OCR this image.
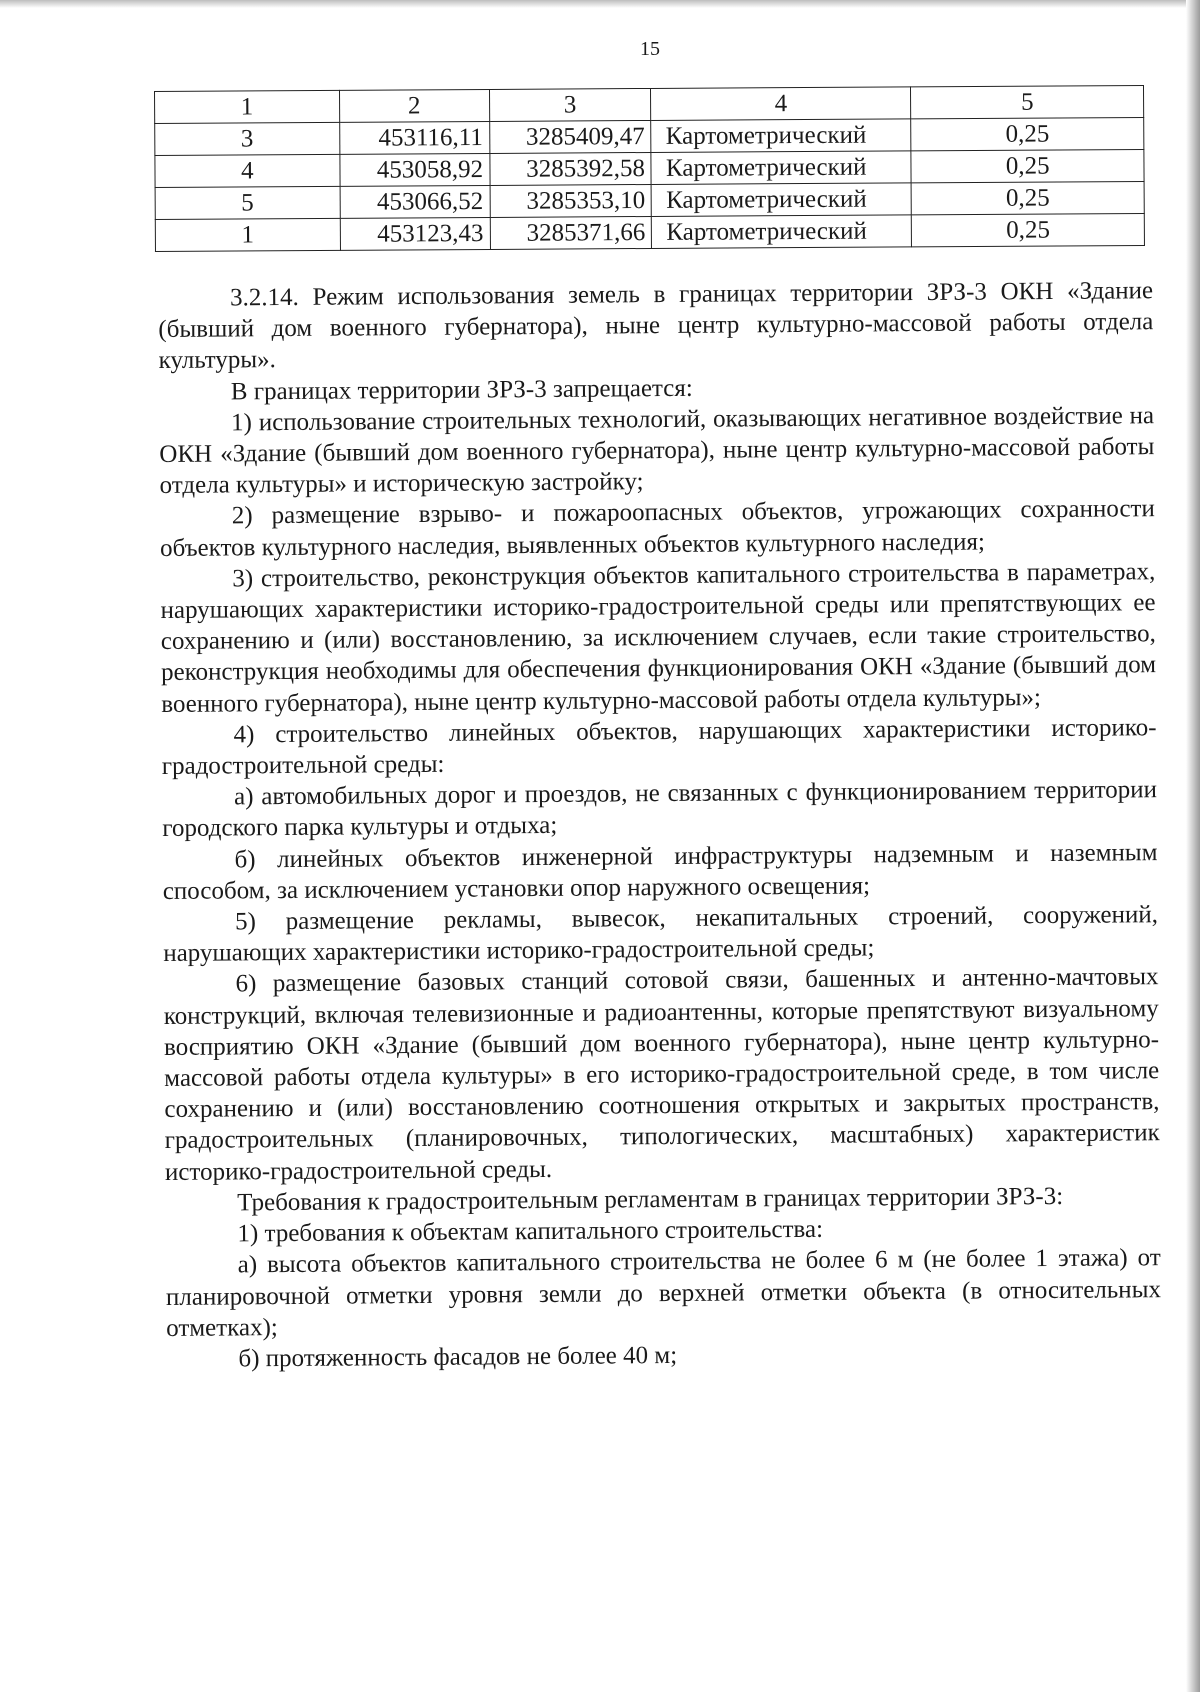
15
1	2	3	4	5
3	453116,11	3285409,47	Картометрический	0,25
4	453058,92	3285392,58	Картометрический	0,25
5	453066,52	3285353,10	Картометрический	0,25
1	453123,43	3285371,66	Картометрический	0,25

3.2.14. Режим использования земель в границах территории ЗРЗ-3 ОКН «Здание (бывший дом военного губернатора), ныне центр культурно-массовой работы отдела культуры».

В границах территории ЗРЗ-3 запрещается:

1) использование строительных технологий, оказывающих негативное воздействие на ОКН «Здание (бывший дом военного губернатора), ныне центр культурно-массовой работы отдела культуры» и историческую застройку;

2) размещение взрыво- и пожароопасных объектов, угрожающих сохранности объектов культурного наследия, выявленных объектов культурного наследия;

3) строительство, реконструкция объектов капитального строительства в параметрах, нарушающих характеристики историко-градостроительной среды или препятствующих ее сохранению и (или) восстановлению, за исключением случаев, если такие строительство, реконструкция необходимы для обеспечения функционирования ОКН «Здание (бывший дом военного губернатора), ныне центр культурно-массовой работы отдела культуры»;

4) строительство линейных объектов, нарушающих характеристики историко-градостроительной среды:

а) автомобильных дорог и проездов, не связанных с функционированием территории городского парка культуры и отдыха;

б) линейных объектов инженерной инфраструктуры надземным и наземным способом, за исключением установки опор наружного освещения;

5) размещение рекламы, вывесок, некапитальных строений, сооружений, нарушающих характеристики историко-градостроительной среды;

6) размещение базовых станций сотовой связи, башенных и антенно-мачтовых конструкций, включая телевизионные и радиоантенны, которые препятствуют визуальному восприятию ОКН «Здание (бывший дом военного губернатора), ныне центр культурно-массовой работы отдела культуры» в его историко-градостроительной среде, в том числе сохранению и (или) восстановлению соотношения открытых и закрытых пространств, градостроительных (планировочных, типологических, масштабных) характеристик историко-градостроительной среды.

Требования к градостроительным регламентам в границах территории ЗРЗ-3:

1) требования к объектам капитального строительства:

а) высота объектов капитального строительства не более 6 м (не более 1 этажа) от планировочной отметки уровня земли до верхней отметки объекта (в относительных отметках);

б) протяженность фасадов не более 40 м;
